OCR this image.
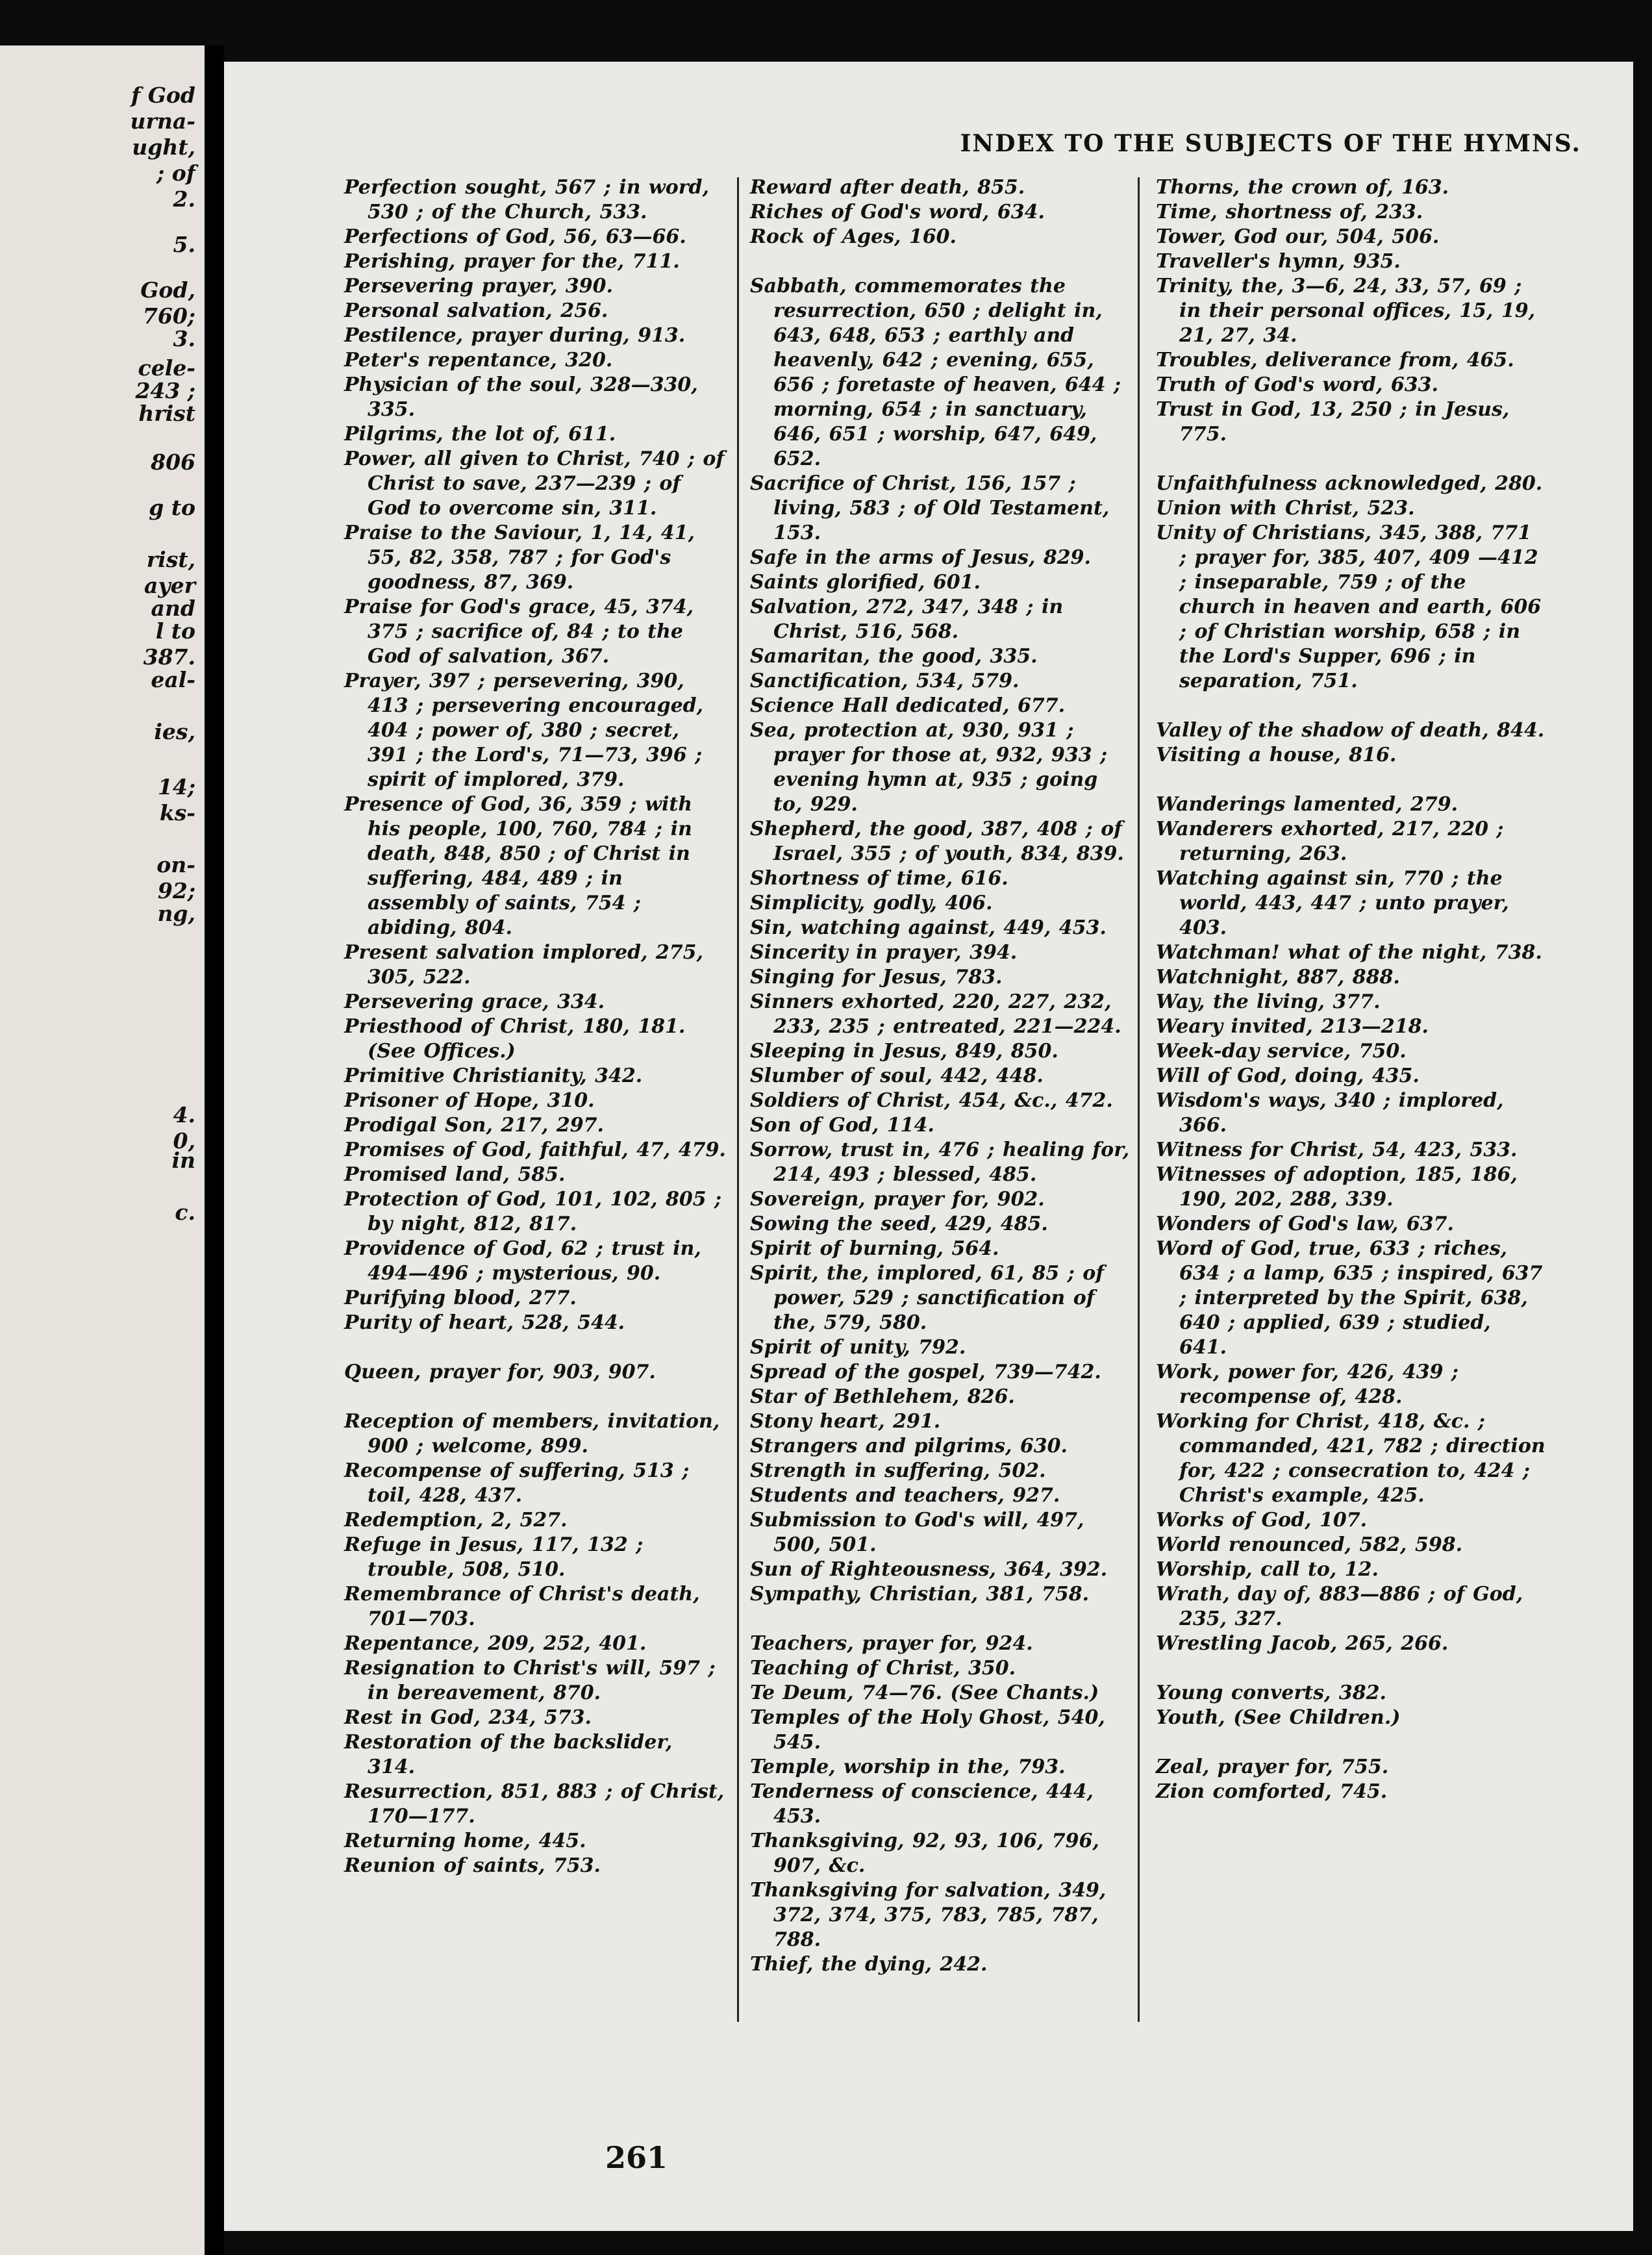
f God
urna-
ught,
; of
2.
5.
God,
760;
3.
cele-
243 ;
hrist
806
g to
rist,
ayer
and
l to
387.
eal-
ies,
14;
ks-
on-
92;
ng,
4.
0,
in
c.
INDEX TO THE SUBJECTS OF THE HYMNS.

Perfection sought, 567 ; in word, 530 ; of the Church, 533.

Perfections of God, 56, 63—66.

Perishing, prayer for the, 711.

Persevering prayer, 390.

Personal salvation, 256.

Pestilence, prayer during, 913.

Peter's repentance, 320.

Physician of the soul, 328—330, 335.

Pilgrims, the lot of, 611.

Power, all given to Christ, 740 ; of Christ to save, 237—239 ; of God to overcome sin, 311.

Praise to the Saviour, 1, 14, 41, 55, 82, 358, 787 ; for God's goodness, 87, 369.

Praise for God's grace, 45, 374, 375 ; sacrifice of, 84 ; to the God of salvation, 367.

Prayer, 397 ; persevering, 390, 413 ; persevering encouraged, 404 ; power of, 380 ; secret, 391 ; the Lord's, 71—73, 396 ; spirit of implored, 379.

Presence of God, 36, 359 ; with his people, 100, 760, 784 ; in death, 848, 850 ; of Christ in suffering, 484, 489 ; in assembly of saints, 754 ; abiding, 804.

Present salvation implored, 275, 305, 522.

Persevering grace, 334.

Priesthood of Christ, 180, 181. (See Offices.)

Primitive Christianity, 342.

Prisoner of Hope, 310.

Prodigal Son, 217, 297.

Promises of God, faithful, 47, 479.

Promised land, 585.

Protection of God, 101, 102, 805 ; by night, 812, 817.

Providence of God, 62 ; trust in, 494—496 ; mysterious, 90.

Purifying blood, 277.

Purity of heart, 528, 544.

Queen, prayer for, 903, 907.

Reception of members, invitation, 900 ; welcome, 899.

Recompense of suffering, 513 ; toil, 428, 437.

Redemption, 2, 527.

Refuge in Jesus, 117, 132 ; trouble, 508, 510.

Remembrance of Christ's death, 701—703.

Repentance, 209, 252, 401.

Resignation to Christ's will, 597 ; in bereavement, 870.

Rest in God, 234, 573.

Restoration of the backslider, 314.

Resurrection, 851, 883 ; of Christ, 170—177.

Returning home, 445.

Reunion of saints, 753.

Reward after death, 855.

Riches of God's word, 634.

Rock of Ages, 160.

Sabbath, commemorates the resurrection, 650 ; delight in, 643, 648, 653 ; earthly and heavenly, 642 ; evening, 655, 656 ; foretaste of heaven, 644 ; morning, 654 ; in sanctuary, 646, 651 ; worship, 647, 649, 652.

Sacrifice of Christ, 156, 157 ; living, 583 ; of Old Testament, 153.

Safe in the arms of Jesus, 829.

Saints glorified, 601.

Salvation, 272, 347, 348 ; in Christ, 516, 568.

Samaritan, the good, 335.

Sanctification, 534, 579.

Science Hall dedicated, 677.

Sea, protection at, 930, 931 ; prayer for those at, 932, 933 ; evening hymn at, 935 ; going to, 929.

Shepherd, the good, 387, 408 ; of Israel, 355 ; of youth, 834, 839.

Shortness of time, 616.

Simplicity, godly, 406.

Sin, watching against, 449, 453.

Sincerity in prayer, 394.

Singing for Jesus, 783.

Sinners exhorted, 220, 227, 232, 233, 235 ; entreated, 221—224.

Sleeping in Jesus, 849, 850.

Slumber of soul, 442, 448.

Soldiers of Christ, 454, &c., 472.

Son of God, 114.

Sorrow, trust in, 476 ; healing for, 214, 493 ; blessed, 485.

Sovereign, prayer for, 902.

Sowing the seed, 429, 485.

Spirit of burning, 564.

Spirit, the, implored, 61, 85 ; of power, 529 ; sanctification of the, 579, 580.

Spirit of unity, 792.

Spread of the gospel, 739—742.

Star of Bethlehem, 826.

Stony heart, 291.

Strangers and pilgrims, 630.

Strength in suffering, 502.

Students and teachers, 927.

Submission to God's will, 497, 500, 501.

Sun of Righteousness, 364, 392.

Sympathy, Christian, 381, 758.

Teachers, prayer for, 924.

Teaching of Christ, 350.

Te Deum, 74—76. (See Chants.)

Temples of the Holy Ghost, 540, 545.

Temple, worship in the, 793.

Tenderness of conscience, 444, 453.

Thanksgiving, 92, 93, 106, 796, 907, &c.

Thanksgiving for salvation, 349, 372, 374, 375, 783, 785, 787, 788.

Thief, the dying, 242.

Thorns, the crown of, 163.

Time, shortness of, 233.

Tower, God our, 504, 506.

Traveller's hymn, 935.

Trinity, the, 3—6, 24, 33, 57, 69 ; in their personal offices, 15, 19, 21, 27, 34.

Troubles, deliverance from, 465.

Truth of God's word, 633.

Trust in God, 13, 250 ; in Jesus, 775.

Unfaithfulness acknowledged, 280.

Union with Christ, 523.

Unity of Christians, 345, 388, 771 ; prayer for, 385, 407, 409 —412 ; inseparable, 759 ; of the church in heaven and earth, 606 ; of Christian worship, 658 ; in the Lord's Supper, 696 ; in separation, 751.

Valley of the shadow of death, 844.

Visiting a house, 816.

Wanderings lamented, 279.

Wanderers exhorted, 217, 220 ; returning, 263.

Watching against sin, 770 ; the world, 443, 447 ; unto prayer, 403.

Watchman! what of the night, 738.

Watchnight, 887, 888.

Way, the living, 377.

Weary invited, 213—218.

Week-day service, 750.

Will of God, doing, 435.

Wisdom's ways, 340 ; implored, 366.

Witness for Christ, 54, 423, 533.

Witnesses of adoption, 185, 186, 190, 202, 288, 339.

Wonders of God's law, 637.

Word of God, true, 633 ; riches, 634 ; a lamp, 635 ; inspired, 637 ; interpreted by the Spirit, 638, 640 ; applied, 639 ; studied, 641.

Work, power for, 426, 439 ; recompense of, 428.

Working for Christ, 418, &c. ; commanded, 421, 782 ; direction for, 422 ; consecration to, 424 ; Christ's example, 425.

Works of God, 107.

World renounced, 582, 598.

Worship, call to, 12.

Wrath, day of, 883—886 ; of God, 235, 327.

Wrestling Jacob, 265, 266.

Young converts, 382.

Youth, (See Children.)

Zeal, prayer for, 755.

Zion comforted, 745.

261
